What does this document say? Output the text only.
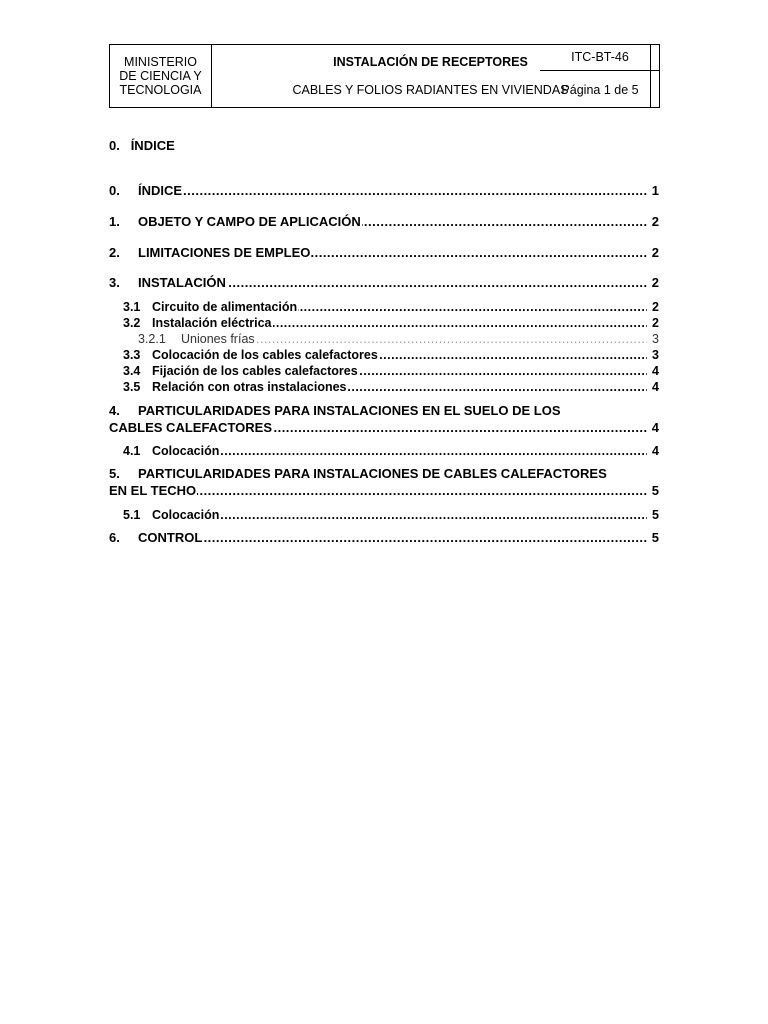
MINISTERIO
DE CIENCIA Y
TECNOLOGIA
INSTALACIÓN DE RECEPTORES
CABLES Y FOLIOS RADIANTES EN VIVIENDAS
ITC-BT-46
Página 1 de 5
0. ÍNDICE
.....
0. ÍNDICE	1
.....
1. OBJETO Y CAMPO DE APLICACIÓN	2
.....
2. LIMITACIONES DE EMPLEO	2
.....
3. INSTALACIÓN	2
.....
3.1 Circuito de alimentación	2
.....
3.2 Instalación eléctrica	2
.....
3.2.1 Uniones frías	3
.....
3.3 Colocación de los cables calefactores	3
.....
3.4 Fijación de los cables calefactores	4
.....
3.5 Relación con otras instalaciones	4
4. PARTICULARIDADES PARA INSTALACIONES EN EL SUELO DE LOS
.....
CABLES CALEFACTORES	4
.....
4.1 Colocación	4
5. PARTICULARIDADES PARA INSTALACIONES DE CABLES CALEFACTORES
.....
EN EL TECHO	5
.....
5.1 Colocación	5
.....
6. CONTROL	5
